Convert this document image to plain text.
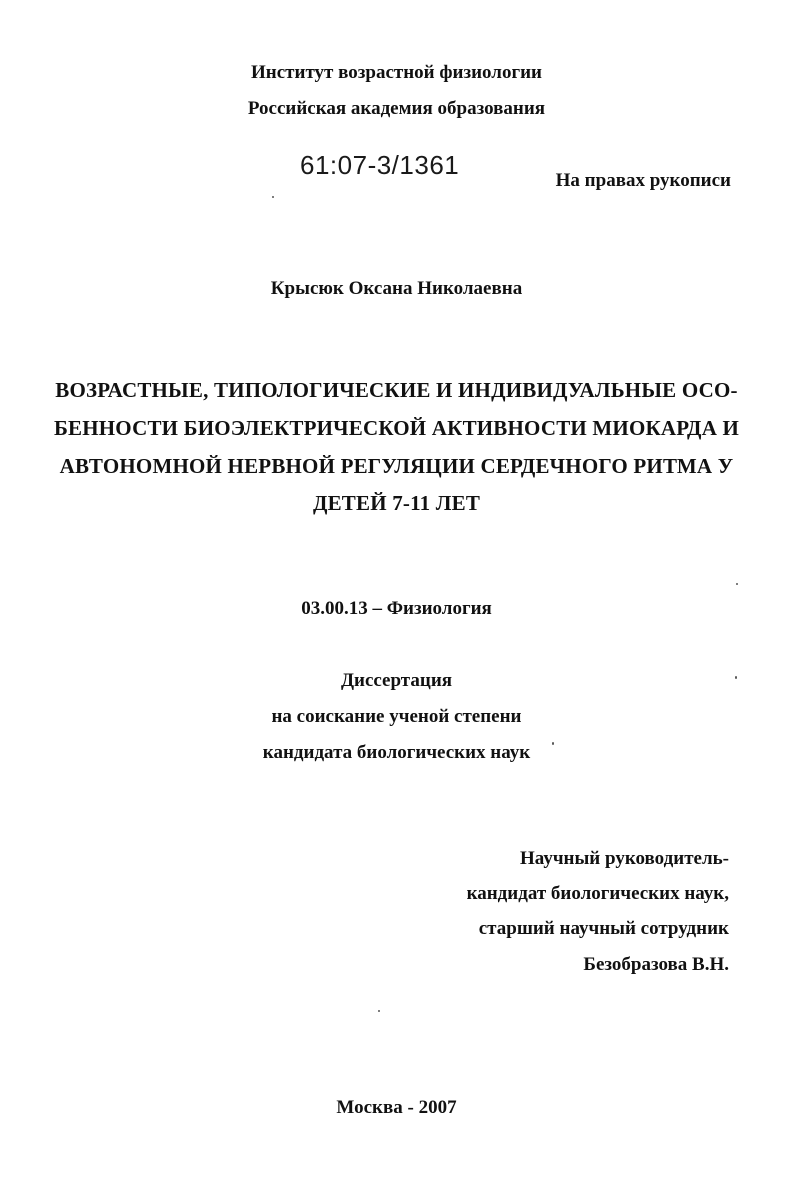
Институт возрастной физиологии
Российская академия образования
61:07-3/1361
На правах рукописи
Крысюк Оксана Николаевна
ВОЗРАСТНЫЕ, ТИПОЛОГИЧЕСКИЕ И ИНДИВИДУАЛЬНЫЕ ОСО-
БЕННОСТИ БИОЭЛЕКТРИЧЕСКОЙ АКТИВНОСТИ МИОКАРДА И
АВТОНОМНОЙ НЕРВНОЙ РЕГУЛЯЦИИ СЕРДЕЧНОГО РИТМА У
ДЕТЕЙ 7-11 ЛЕТ
03.00.13 – Физиология
Диссертация
на соискание ученой степени
кандидата биологических наук
Научный руководитель-
кандидат биологических наук,
старший научный сотрудник
Безобразова В.Н.
Москва - 2007
